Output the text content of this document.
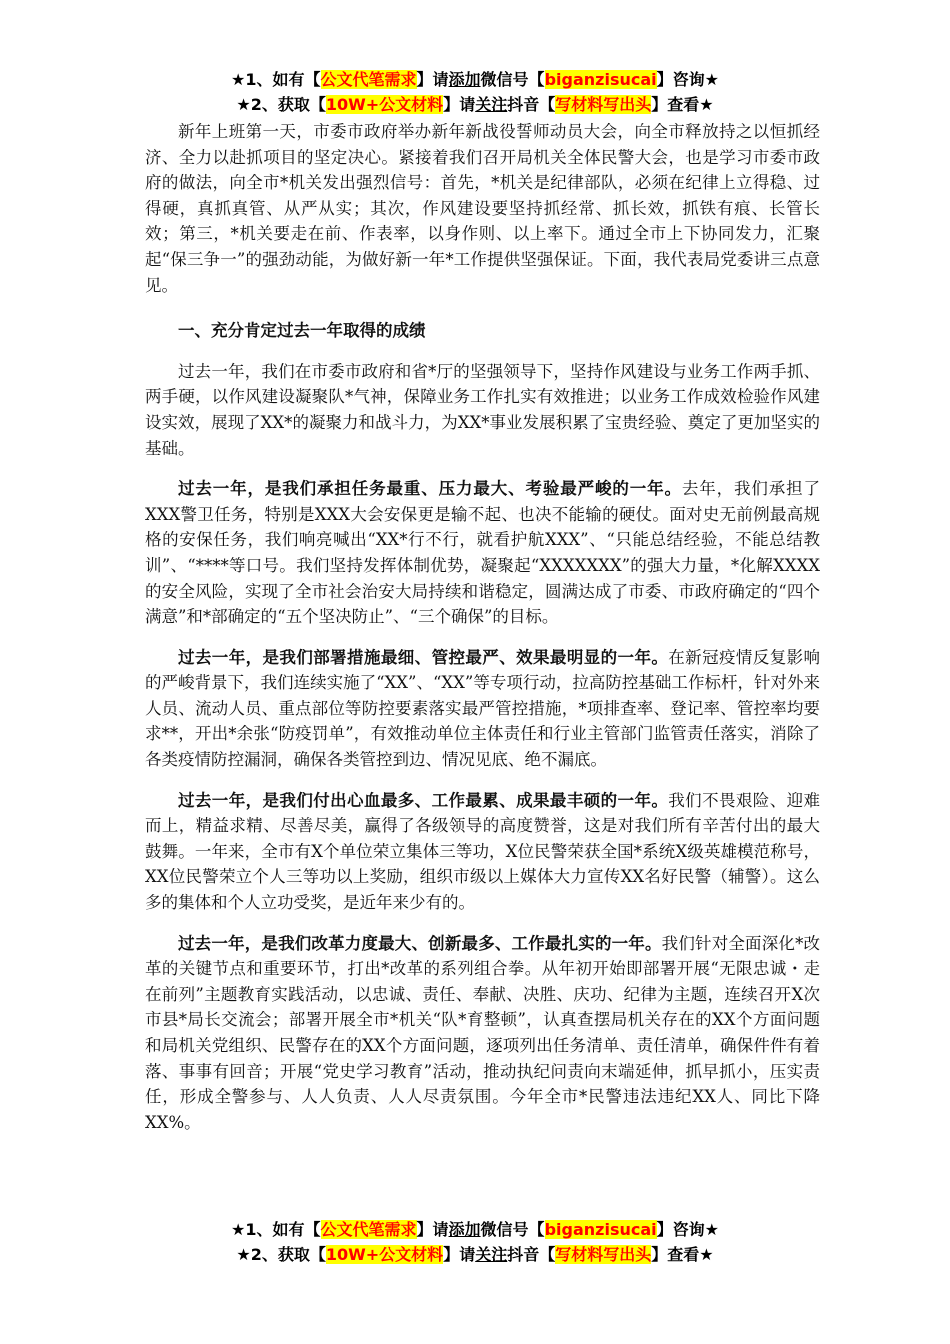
★1、如有【公文代笔需求】请添加微信号【biganzisucai】咨询★
★2、获取【10W+公文材料】请关注抖音【写材料写出头】查看★

新年上班第一天，市委市政府举办新年新战役誓师动员大会，向全市释放持之以恒抓经济、全力以赴抓项目的坚定决心。紧接着我们召开局机关全体民警大会，也是学习市委市政府的做法，向全市*机关发出强烈信号：首先，*机关是纪律部队，必须在纪律上立得稳、过得硬，真抓真管、从严从实；其次，作风建设要坚持抓经常、抓长效，抓铁有痕、长管长效；第三，*机关要走在前、作表率，以身作则、以上率下。通过全市上下协同发力，汇聚起“保三争一”的强劲动能，为做好新一年*工作提供坚强保证。下面，我代表局党委讲三点意见。

一、充分肯定过去一年取得的成绩

过去一年，我们在市委市政府和省*厅的坚强领导下，坚持作风建设与业务工作两手抓、两手硬，以作风建设凝聚队*气神，保障业务工作扎实有效推进；以业务工作成效检验作风建设实效，展现了XX*的凝聚力和战斗力，为XX*事业发展积累了宝贵经验、奠定了更加坚实的基础。

过去一年，是我们承担任务最重、压力最大、考验最严峻的一年。去年，我们承担了XXX警卫任务，特别是XXX大会安保更是输不起、也决不能输的硬仗。面对史无前例最高规格的安保任务，我们响亮喊出“XX*行不行，就看护航XXX”、“只能总结经验，不能总结教训”、“****等口号。我们坚持发挥体制优势，凝聚起“XXXXXXX”的强大力量，*化解XXXX的安全风险，实现了全市社会治安大局持续和谐稳定，圆满达成了市委、市政府确定的“四个满意”和*部确定的“五个坚决防止”、“三个确保”的目标。

过去一年，是我们部署措施最细、管控最严、效果最明显的一年。在新冠疫情反复影响的严峻背景下，我们连续实施了“XX”、“XX”等专项行动，拉高防控基础工作标杆，针对外来人员、流动人员、重点部位等防控要素落实最严管控措施，*项排查率、登记率、管控率均要求**，开出*余张“防疫罚单”，有效推动单位主体责任和行业主管部门监管责任落实，消除了各类疫情防控漏洞，确保各类管控到边、情况见底、绝不漏底。

过去一年，是我们付出心血最多、工作最累、成果最丰硕的一年。我们不畏艰险、迎难而上，精益求精、尽善尽美，赢得了各级领导的高度赞誉，这是对我们所有辛苦付出的最大鼓舞。一年来，全市有X个单位荣立集体三等功，X位民警荣获全国*系统X级英雄模范称号，XX位民警荣立个人三等功以上奖励，组织市级以上媒体大力宣传XX名好民警（辅警）。这么多的集体和个人立功受奖，是近年来少有的。

过去一年，是我们改革力度最大、创新最多、工作最扎实的一年。我们针对全面深化*改革的关键节点和重要环节，打出*改革的系列组合拳。从年初开始即部署开展“无限忠诚・走在前列”主题教育实践活动，以忠诚、责任、奉献、决胜、庆功、纪律为主题，连续召开X次市县*局长交流会；部署开展全市*机关“队*育整顿”，认真查摆局机关存在的XX个方面问题和局机关党组织、民警存在的XX个方面问题，逐项列出任务清单、责任清单，确保件件有着落、事事有回音；开展“党史学习教育”活动，推动执纪问责向末端延伸，抓早抓小，压实责任，形成全警参与、人人负责、人人尽责氛围。今年全市*民警违法违纪XX人、同比下降XX%。

★1、如有【公文代笔需求】请添加微信号【biganzisucai】咨询★
★2、获取【10W+公文材料】请关注抖音【写材料写出头】查看★
